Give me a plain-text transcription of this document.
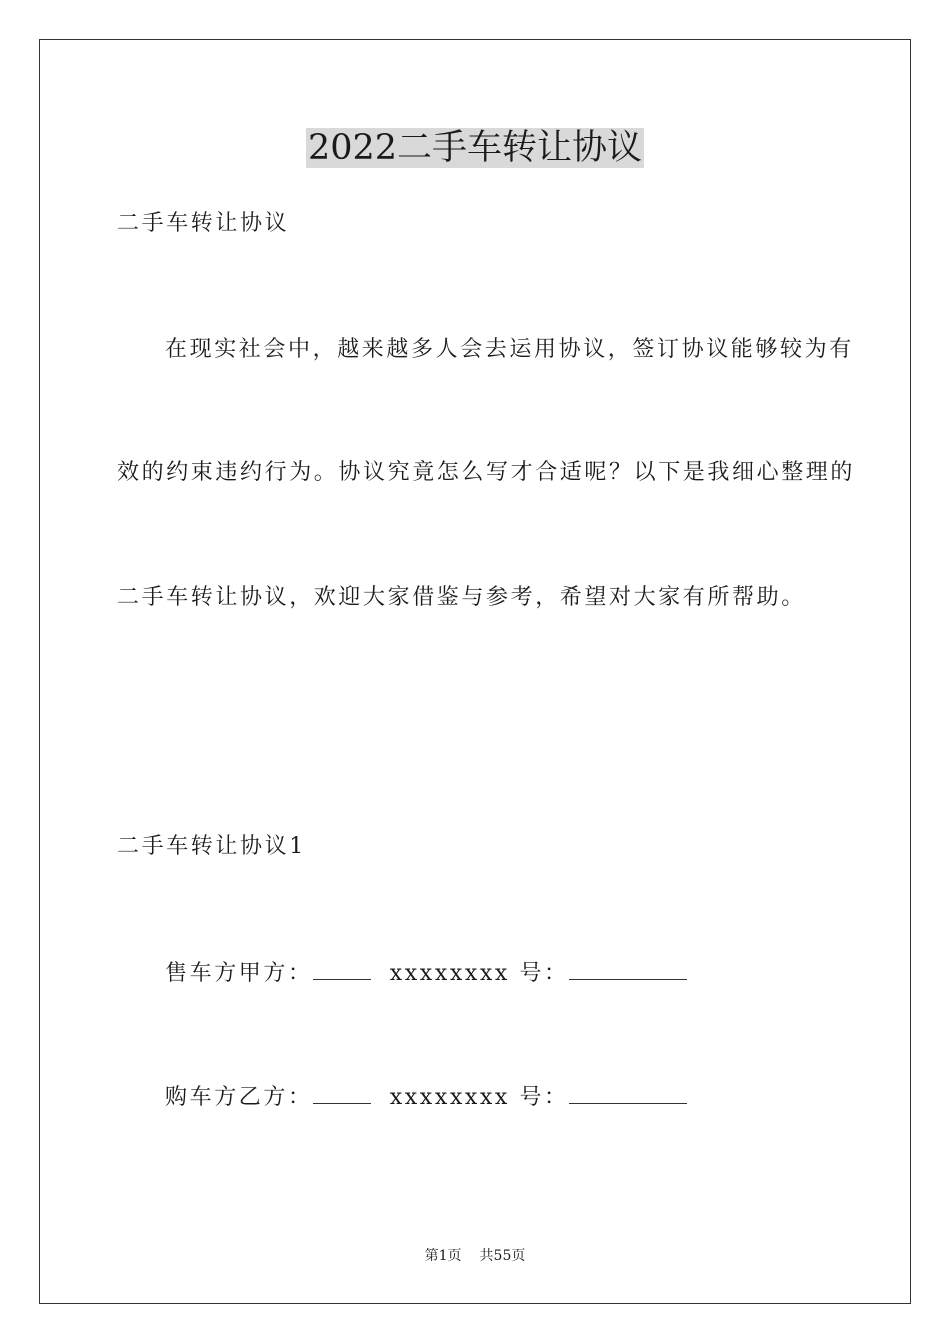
2022二手车转让协议

二手车转让协议

在现实社会中，越来越多人会去运用协议，签订协议能够较为有

效的约束违约行为。协议究竟怎么写才合适呢？以下是我细心整理的

二手车转让协议，欢迎大家借鉴与参考，希望对大家有所帮助。

二手车转让协议1

售车方甲方：	xxxxxxxx 号：
购车方乙方：	xxxxxxxx 号：
第1页 共55页
